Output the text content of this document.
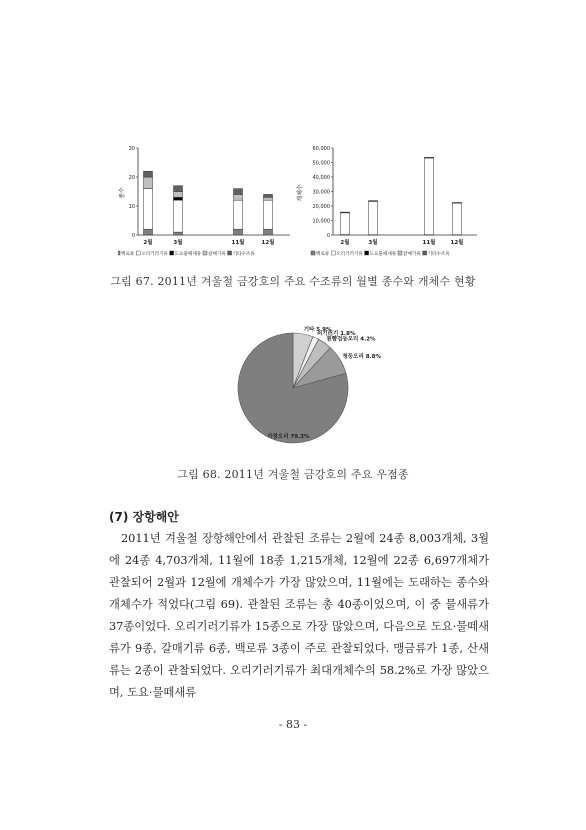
종수
0
10
20
30
2월	3월	11월	12월
백로류 오리기러기류 도요물떼새류 갈매기류 기타수조류
개체수
0
10,000
20,000
30,000
40,000
50,000
60,000
2월	3월	11월	12월
백로류 오리기러기류 도요물떼새류 갈매기류 기타수조류
그림 67. 2011년 겨울철 금강호의 주요 수조류의 월별 종수와 개체수 현황
기타 5.9%
쇠기러기 1.8%
흰뺨검둥오리 4.2%
청둥오리 8.8%
가창오리 79.3%
그림 68. 2011년 겨울철 금강호의 주요 우점종
(7) 장항해안
2011년 겨울철 장항해안에서 관찰된 조류는 2월에 24종 8,003개체, 3월에 24종 4,703개체, 11월에 18종 1,215개체, 12월에 22종 6,697개체가 관찰되어 2월과 12월에 개체수가 가장 많았으며, 11월에는 도래하는 종수와 개체수가 적었다(그림 69). 관찰된 조류는 총 40종이었으며, 이 중 물새류가 37종이었다. 오리기러기류가 15종으로 가장 많았으며, 다음으로 도요·물떼새류가 9종, 갈매기류 6종, 백로류 3종이 주로 관찰되었다. 맹금류가 1종, 산새류는 2종이 관찰되었다. 오리기러기류가 최대개체수의 58.2%로 가장 많았으며, 도요·물떼새류
- 83 -
